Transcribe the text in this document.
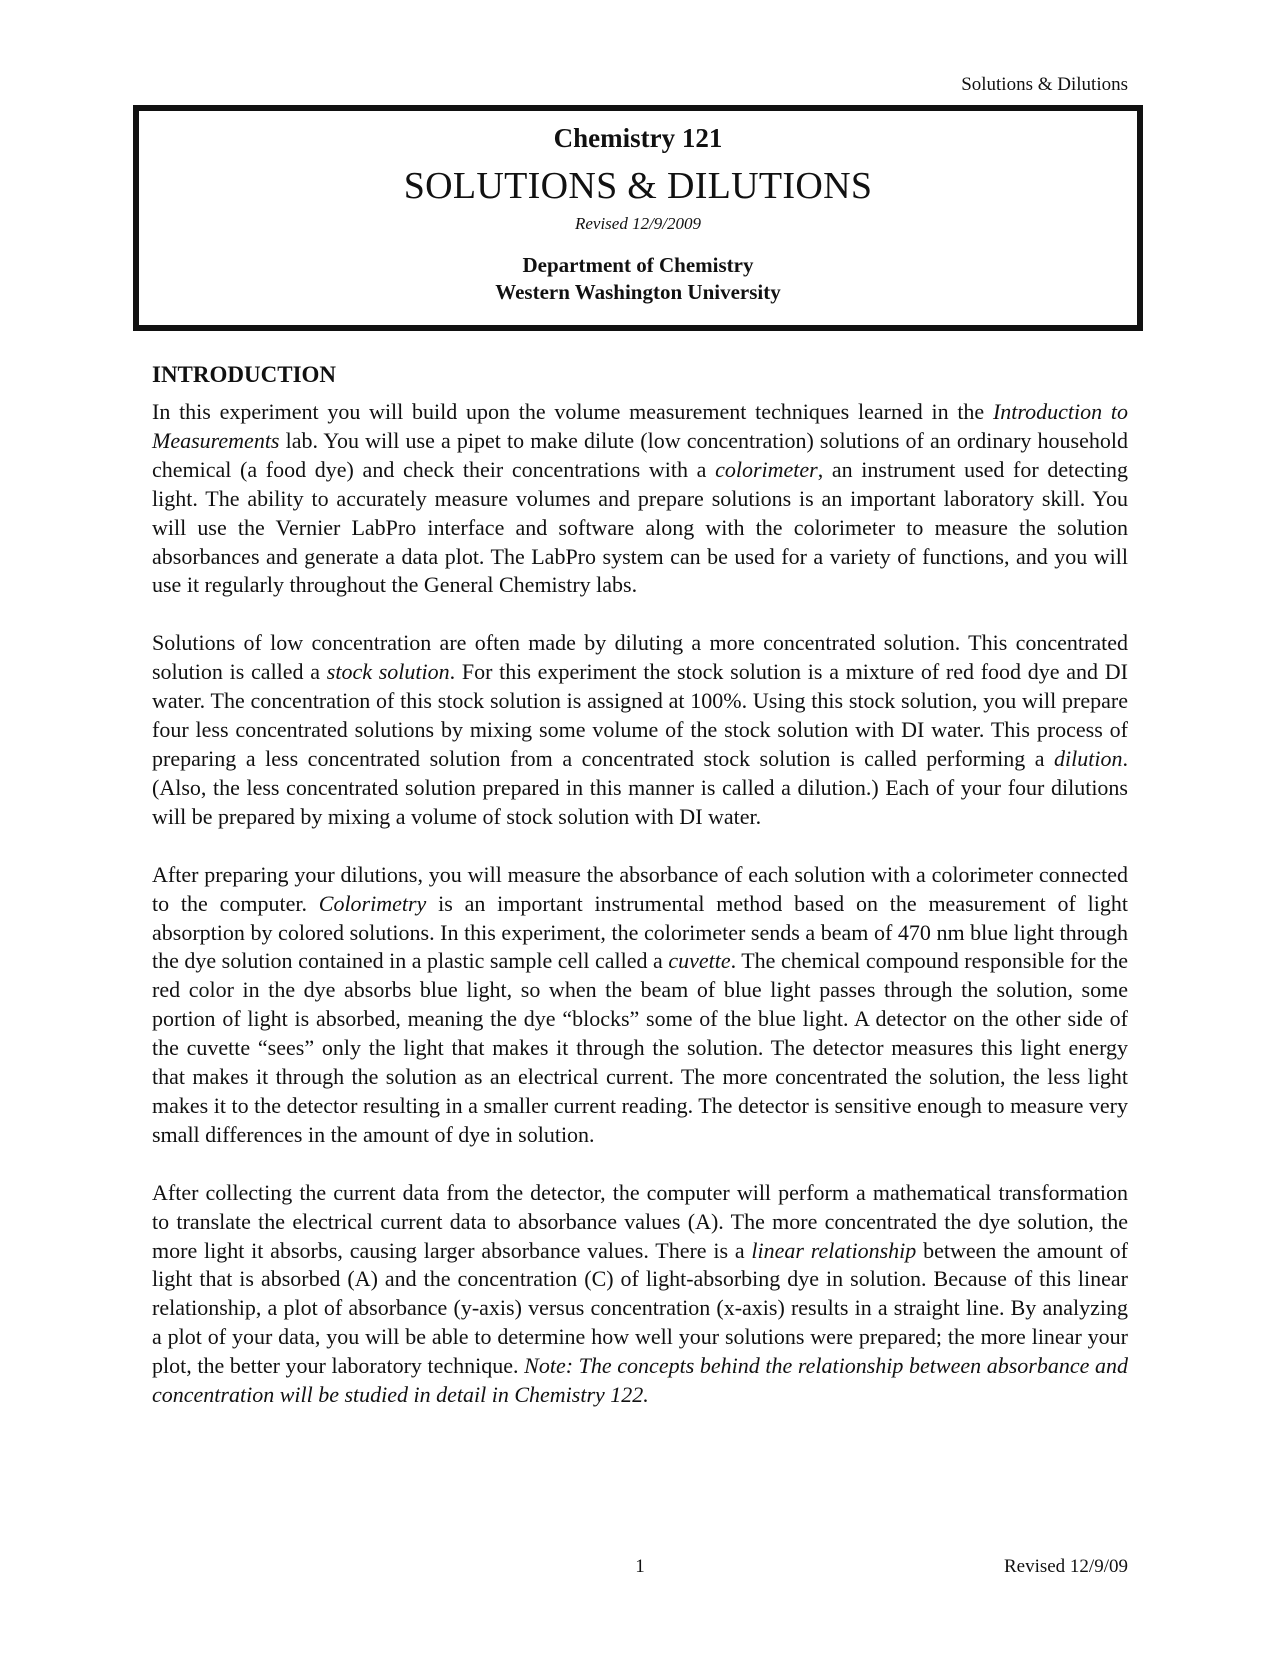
Solutions & Dilutions
Chemistry 121
SOLUTIONS & DILUTIONS
Revised 12/9/2009
Department of Chemistry
Western Washington University
INTRODUCTION

In this experiment you will build upon the volume measurement techniques learned in the Introduction to Measurements lab. You will use a pipet to make dilute (low concentration) solutions of an ordinary household chemical (a food dye) and check their concentrations with a colorimeter, an instrument used for detecting light. The ability to accurately measure volumes and prepare solutions is an important laboratory skill. You will use the Vernier LabPro interface and software along with the colorimeter to measure the solution absorbances and generate a data plot. The LabPro system can be used for a variety of functions, and you will use it regularly throughout the General Chemistry labs.

Solutions of low concentration are often made by diluting a more concentrated solution. This concentrated solution is called a stock solution. For this experiment the stock solution is a mixture of red food dye and DI water. The concentration of this stock solution is assigned at 100%. Using this stock solution, you will prepare four less concentrated solutions by mixing some volume of the stock solution with DI water. This process of preparing a less concentrated solution from a concentrated stock solution is called performing a dilution. (Also, the less concentrated solution prepared in this manner is called a dilution.) Each of your four dilutions will be prepared by mixing a volume of stock solution with DI water.

After preparing your dilutions, you will measure the absorbance of each solution with a colorimeter connected to the computer. Colorimetry is an important instrumental method based on the measurement of light absorption by colored solutions. In this experiment, the colorimeter sends a beam of 470 nm blue light through the dye solution contained in a plastic sample cell called a cuvette. The chemical compound responsible for the red color in the dye absorbs blue light, so when the beam of blue light passes through the solution, some portion of light is absorbed, meaning the dye “blocks” some of the blue light. A detector on the other side of the cuvette “sees” only the light that makes it through the solution. The detector measures this light energy that makes it through the solution as an electrical current. The more concentrated the solution, the less light makes it to the detector resulting in a smaller current reading. The detector is sensitive enough to measure very small differences in the amount of dye in solution.

After collecting the current data from the detector, the computer will perform a mathematical transformation to translate the electrical current data to absorbance values (A). The more concentrated the dye solution, the more light it absorbs, causing larger absorbance values. There is a linear relationship between the amount of light that is absorbed (A) and the concentration (C) of light-absorbing dye in solution. Because of this linear relationship, a plot of absorbance (y-axis) versus concentration (x-axis) results in a straight line. By analyzing a plot of your data, you will be able to determine how well your solutions were prepared; the more linear your plot, the better your laboratory technique. Note: The concepts behind the relationship between absorbance and concentration will be studied in detail in Chemistry 122.

1	Revised 12/9/09
